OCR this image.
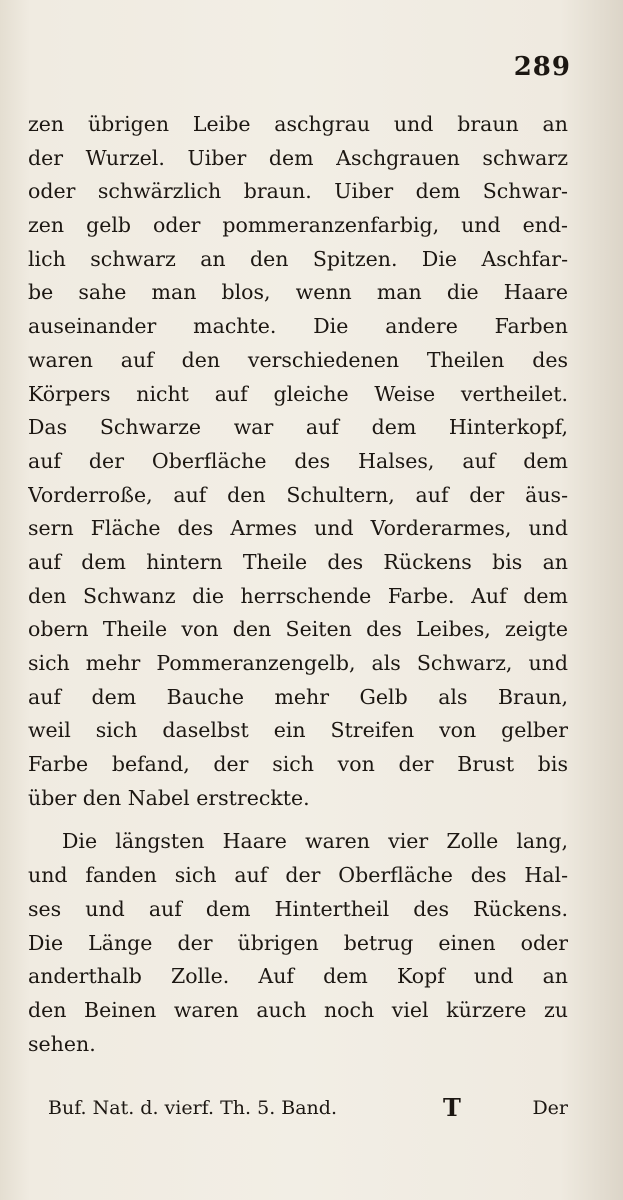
289
zen übrigen Leibe aschgrau und braun an
der Wurzel. Uiber dem Aschgrauen schwarz
oder schwärzlich braun. Uiber dem Schwar-
zen gelb oder pommeranzenfarbig, und end-
lich schwarz an den Spitzen. Die Aschfar-
be sahe man blos, wenn man die Haare
auseinander machte. Die andere Farben
waren auf den verschiedenen Theilen des
Körpers nicht auf gleiche Weise vertheilet.
Das Schwarze war auf dem Hinterkopf,
auf der Oberfläche des Halses, auf dem
Vorderroße, auf den Schultern, auf der äus-
sern Fläche des Armes und Vorderarmes, und
auf dem hintern Theile des Rückens bis an
den Schwanz die herrschende Farbe. Auf dem
obern Theile von den Seiten des Leibes, zeigte
sich mehr Pommeranzengelb, als Schwarz, und
auf dem Bauche mehr Gelb als Braun,
weil sich daselbst ein Streifen von gelber
Farbe befand, der sich von der Brust bis
über den Nabel erstreckte.
Die längsten Haare waren vier Zolle lang,
und fanden sich auf der Oberfläche des Hal-
ses und auf dem Hintertheil des Rückens.
Die Länge der übrigen betrug einen oder
anderthalb Zolle. Auf dem Kopf und an
den Beinen waren auch noch viel kürzere zu
sehen.
Buf. Nat. d. vierf. Th. 5. Band.	T	Der
